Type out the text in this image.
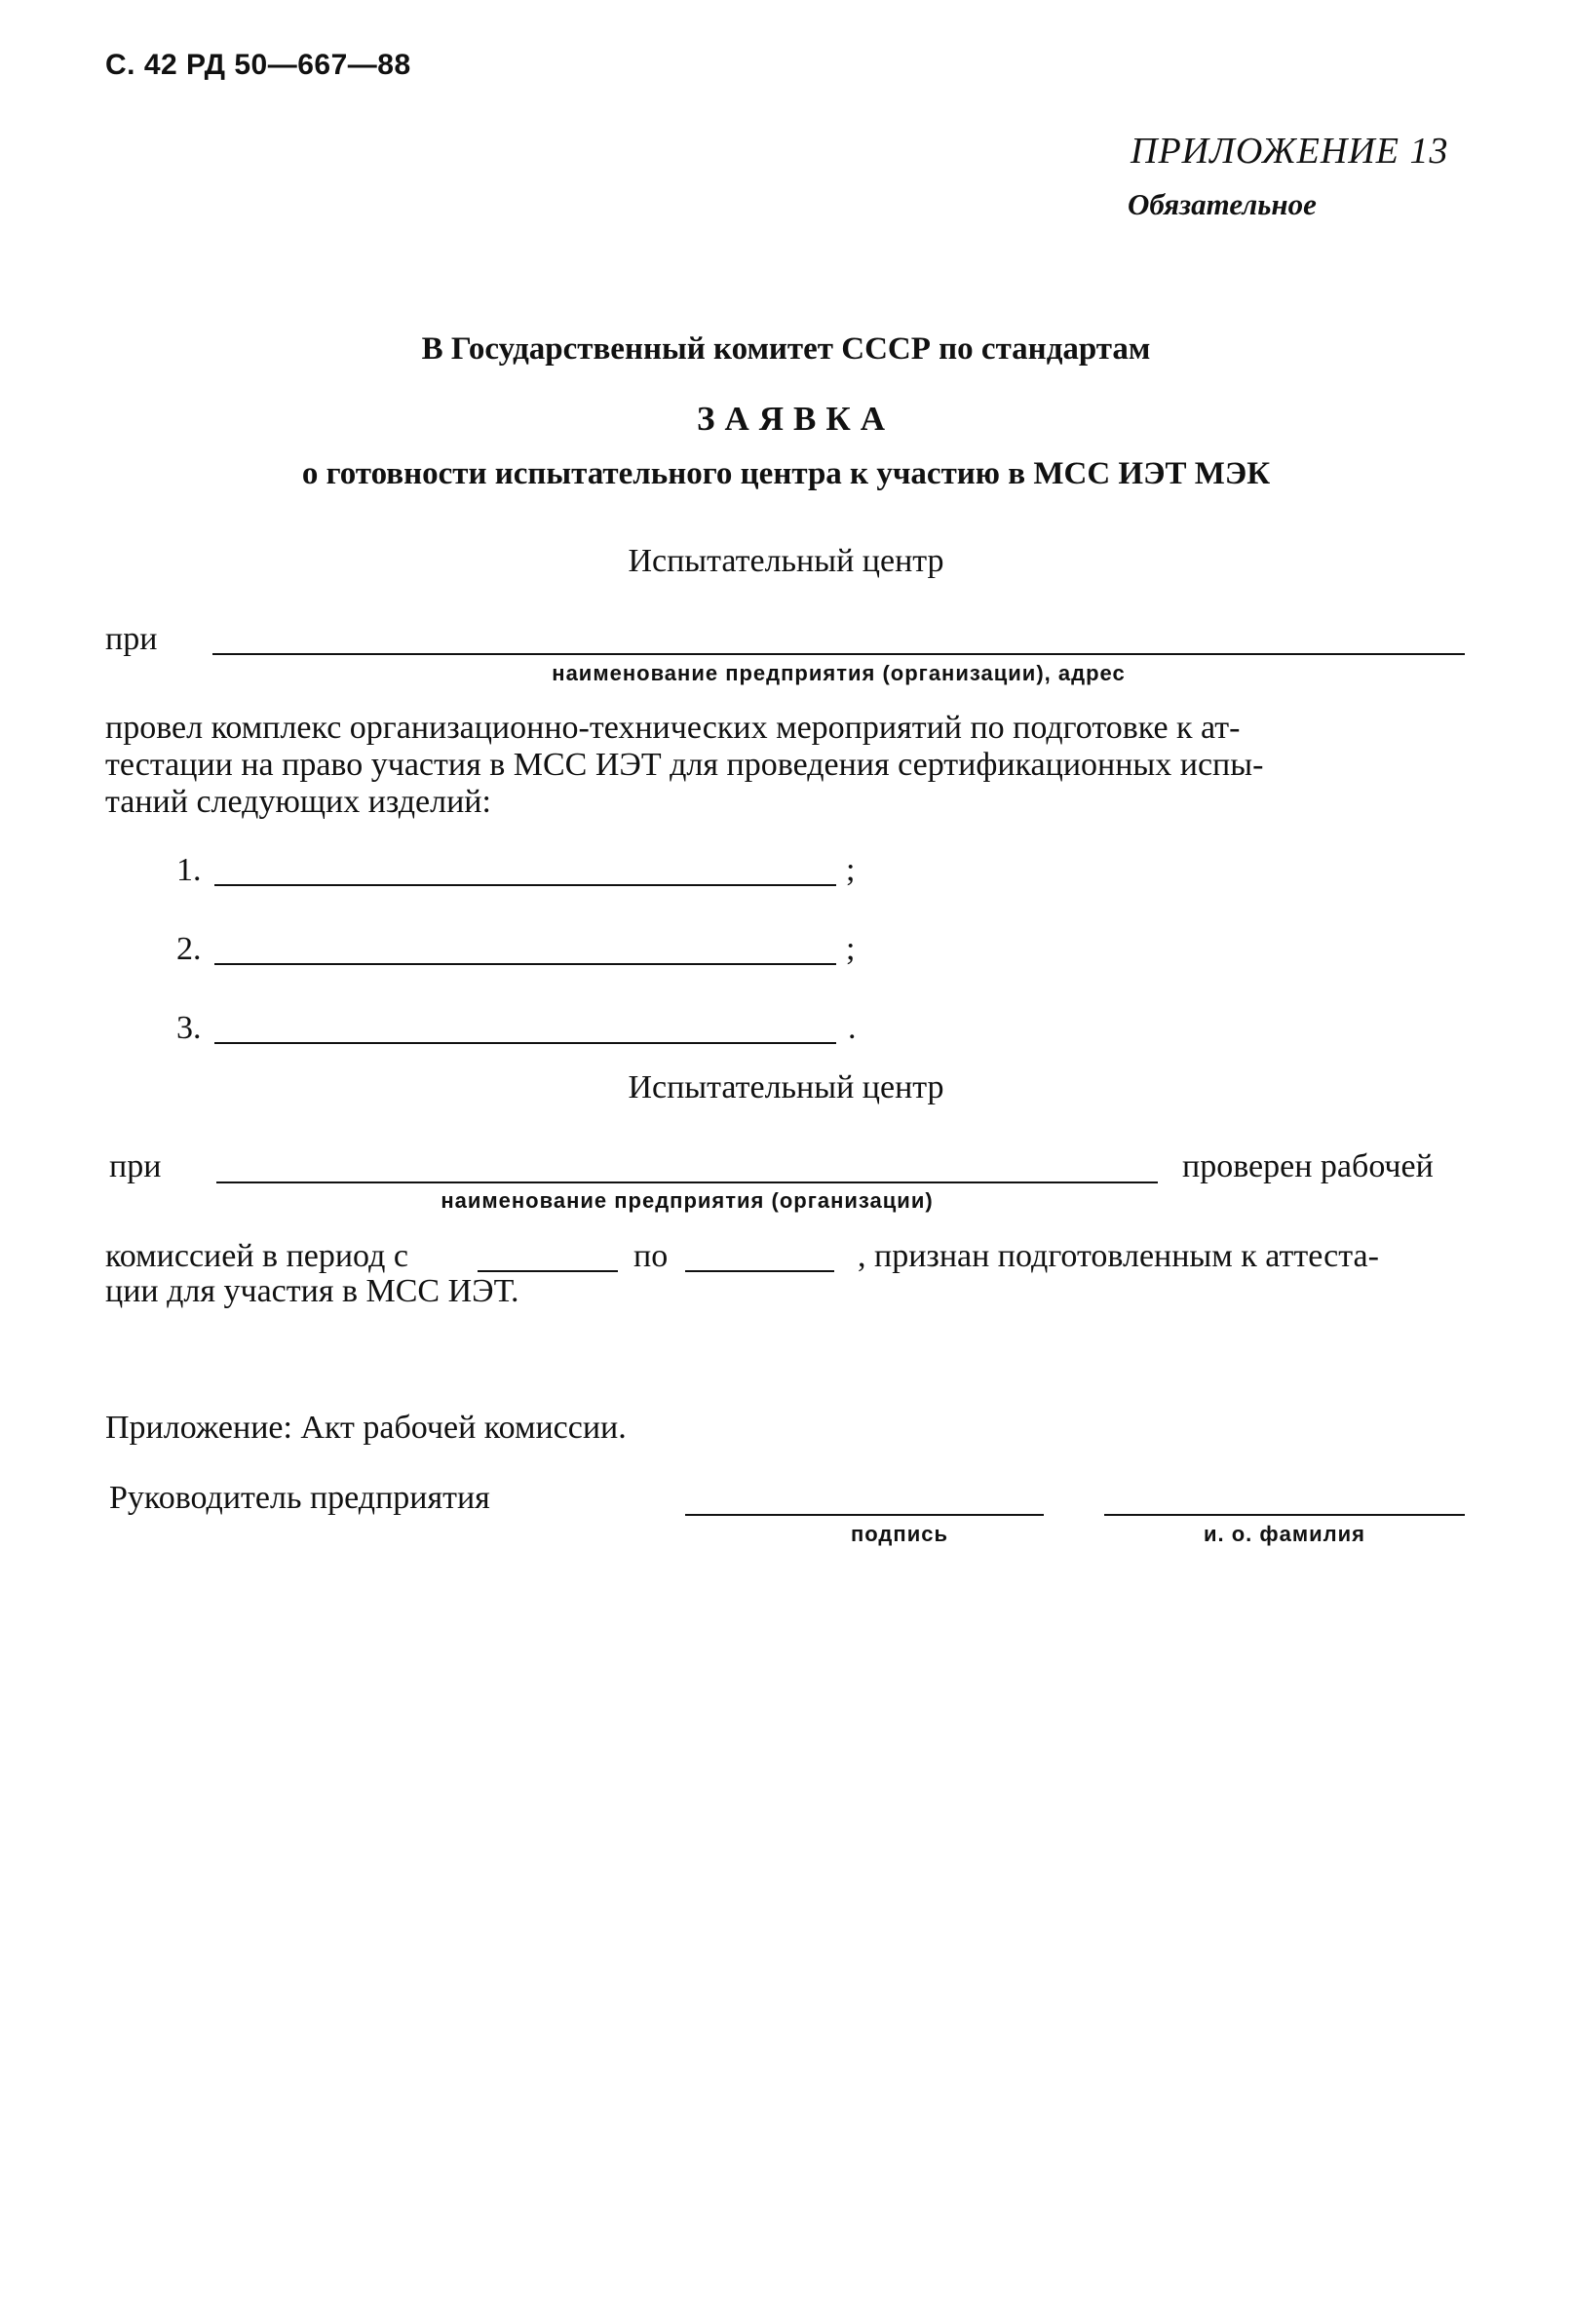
С. 42 РД 50—667—88
ПРИЛОЖЕНИЕ 13
Обязательное
В Государственный комитет СССР по стандартам
ЗАЯВКА
о готовности испытательного центра к участию в МСС ИЭТ МЭК
Испытательный центр
при
наименование предприятия (организации), адрес
провел комплекс организационно-технических мероприятий по подготовке к ат-
тестации на право участия в МСС ИЭТ для проведения сертификационных испы-
таний следующих изделий:
1.	;
2.	;
3.	.
Испытательный центр
при	проверен рабочей
наименование предприятия (организации)
комиссией в период с	по	, признан подготовленным к аттеста-
ции для участия в МСС ИЭТ.
Приложение: Акт рабочей комиссии.
Руководитель предприятия
подпись	и. о. фамилия
